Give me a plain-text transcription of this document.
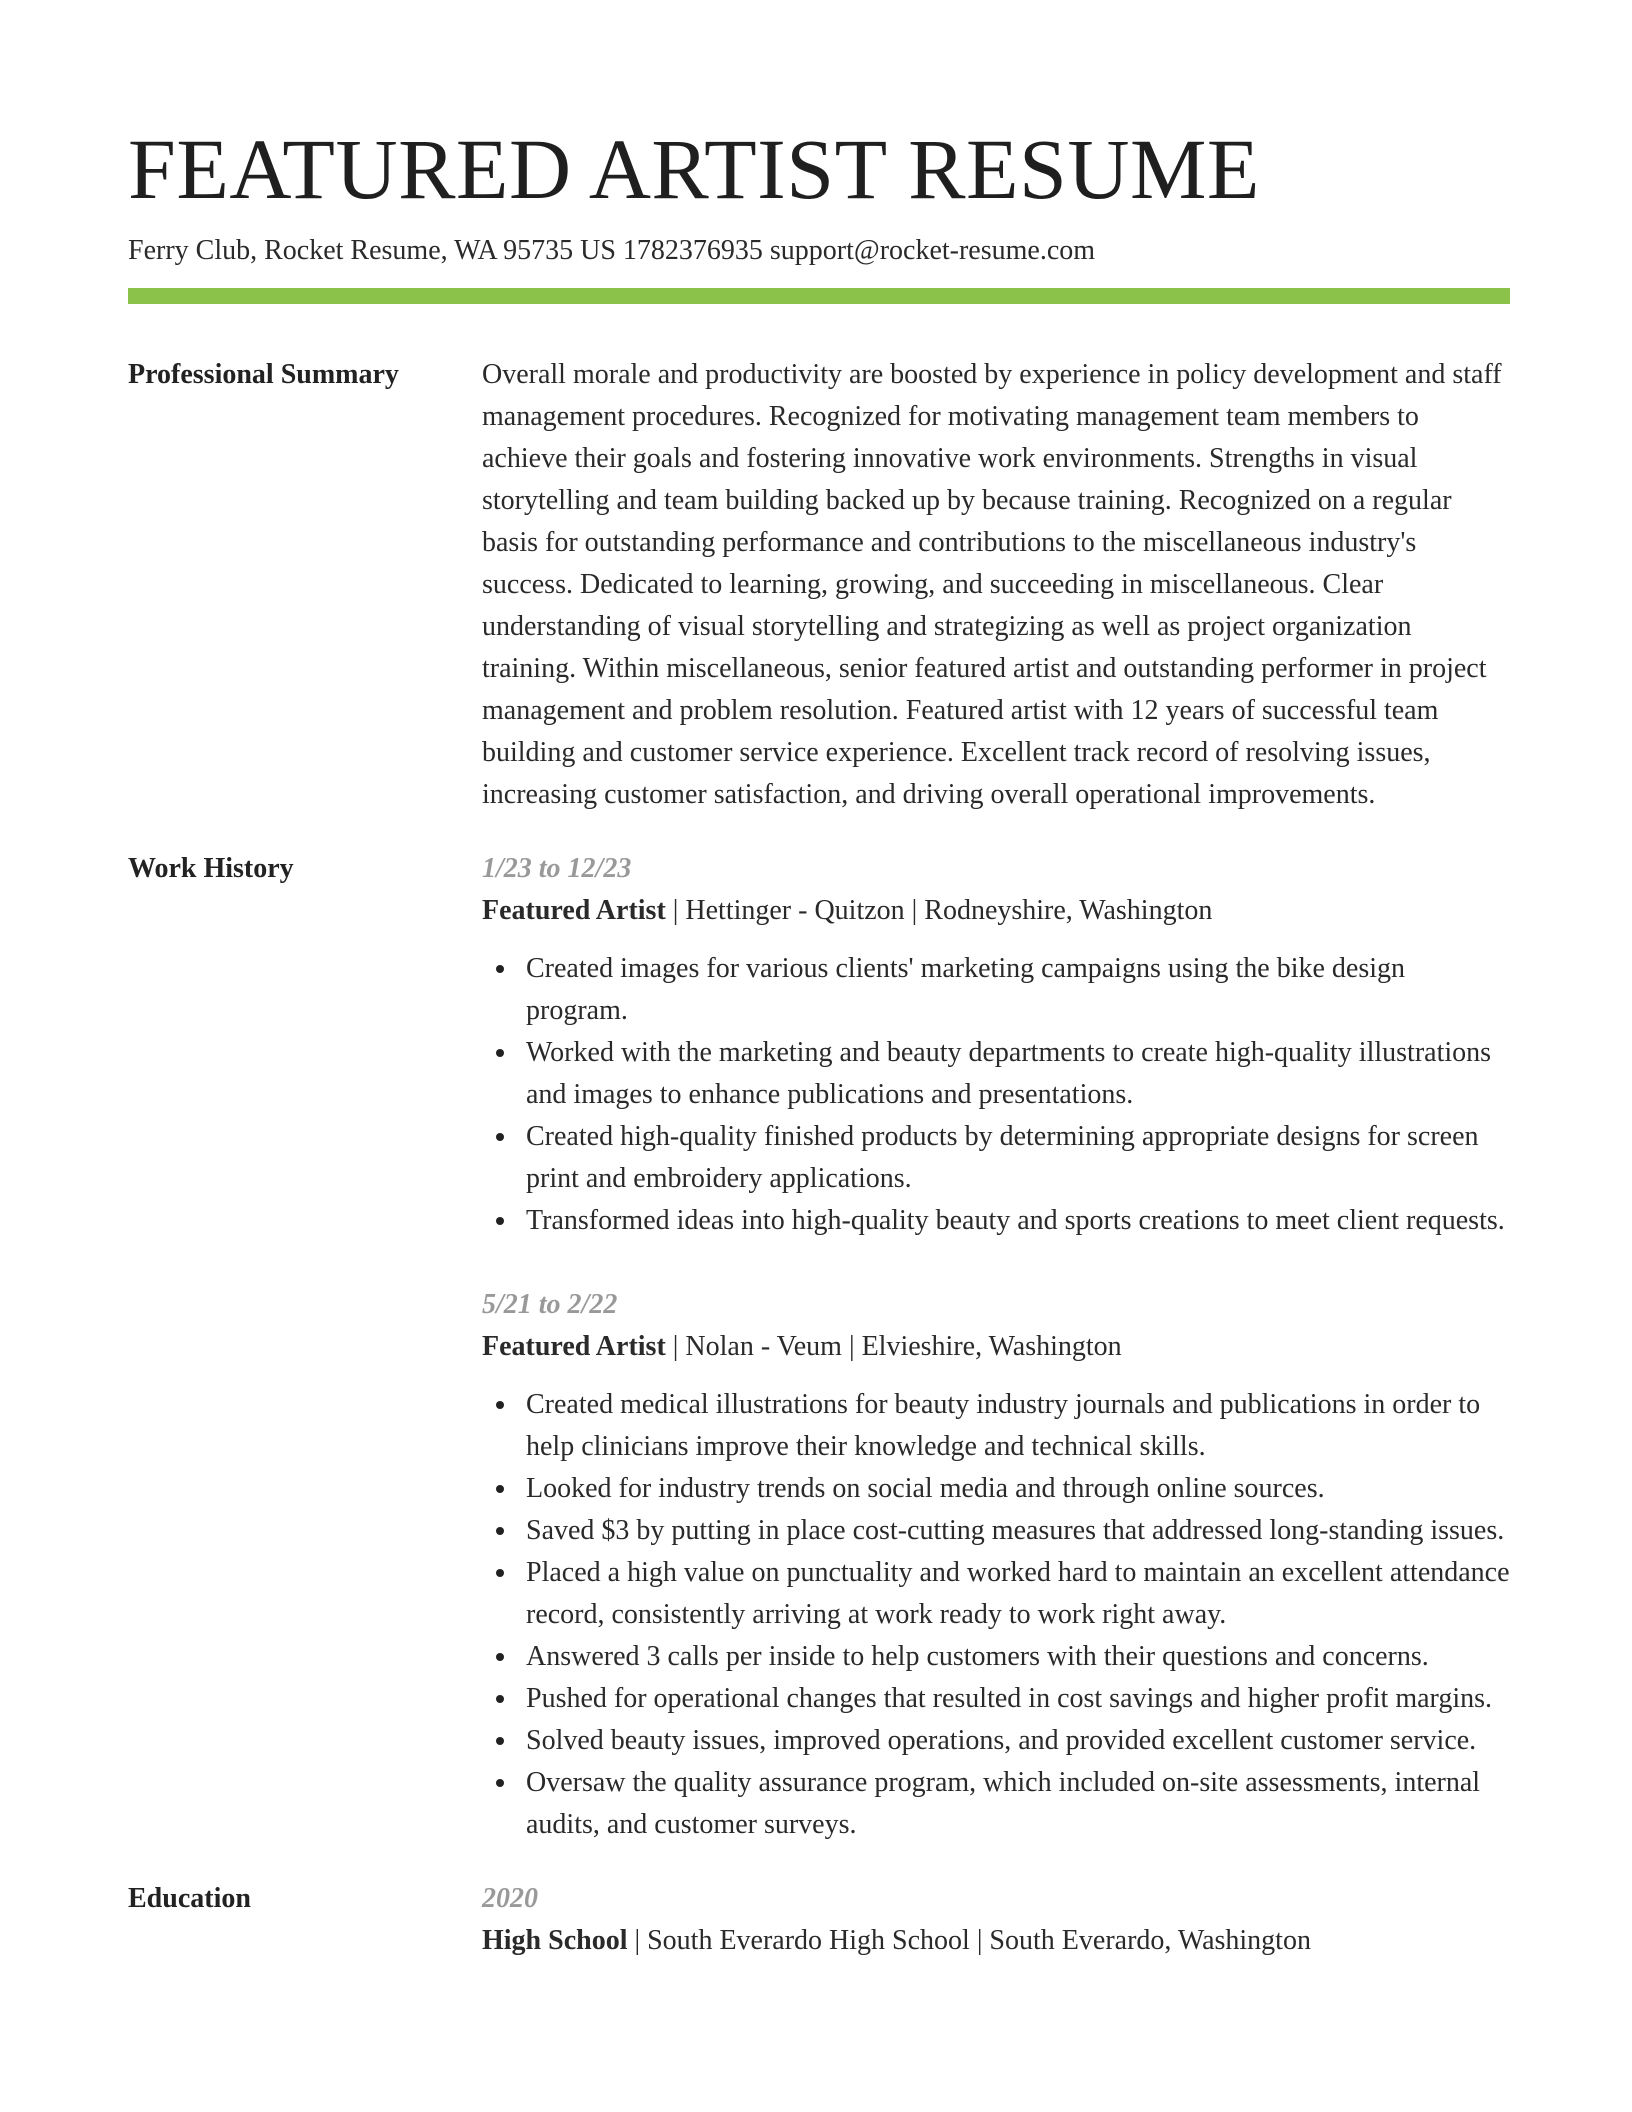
FEATURED ARTIST RESUME
Ferry Club, Rocket Resume, WA 95735 US 1782376935 support@rocket-resume.com
Professional Summary	Overall morale and productivity are boosted by experience in policy development and staff management procedures. Recognized for motivating management team members to achieve their goals and fostering innovative work environments. Strengths in visual storytelling and team building backed up by because training. Recognized on a regular basis for outstanding performance and contributions to the miscellaneous industry's success. Dedicated to learning, growing, and succeeding in miscellaneous. Clear understanding of visual storytelling and strategizing as well as project organization training. Within miscellaneous, senior featured artist and outstanding performer in project management and problem resolution. Featured artist with 12 years of successful team building and customer service experience. Excellent track record of resolving issues, increasing customer satisfaction, and driving overall operational improvements.
Work History	1/23 to 12/23
Featured Artist | Hettinger - Quitzon | Rodneyshire, Washington
Created images for various clients' marketing campaigns using the bike design program.
Worked with the marketing and beauty departments to create high-quality illustrations and images to enhance publications and presentations.
Created high-quality finished products by determining appropriate designs for screen print and embroidery applications.
Transformed ideas into high-quality beauty and sports creations to meet client requests.
5/21 to 2/22
Featured Artist | Nolan - Veum | Elvieshire, Washington
Created medical illustrations for beauty industry journals and publications in order to help clinicians improve their knowledge and technical skills.
Looked for industry trends on social media and through online sources.
Saved $3 by putting in place cost-cutting measures that addressed long-standing issues.
Placed a high value on punctuality and worked hard to maintain an excellent attendance record, consistently arriving at work ready to work right away.
Answered 3 calls per inside to help customers with their questions and concerns.
Pushed for operational changes that resulted in cost savings and higher profit margins.
Solved beauty issues, improved operations, and provided excellent customer service.
Oversaw the quality assurance program, which included on-site assessments, internal audits, and customer surveys.
Education	2020
High School | South Everardo High School | South Everardo, Washington
